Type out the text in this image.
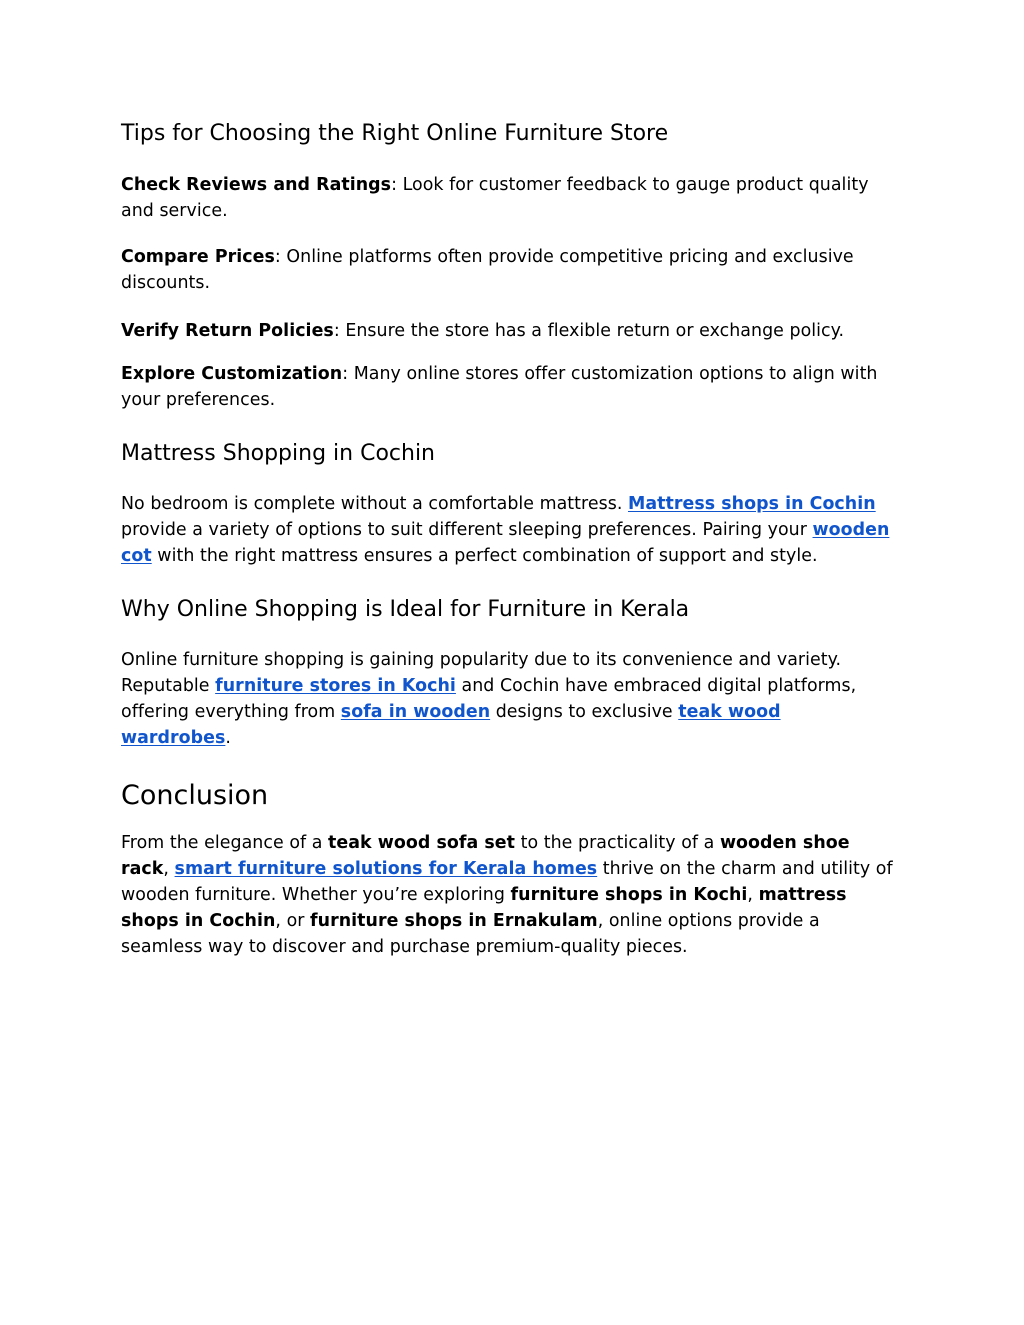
Tips for Choosing the Right Online Furniture Store

Check Reviews and Ratings: Look for customer feedback to gauge product quality and service.

Compare Prices: Online platforms often provide competitive pricing and exclusive discounts.

Verify Return Policies: Ensure the store has a flexible return or exchange policy.

Explore Customization: Many online stores offer customization options to align with your preferences.

Mattress Shopping in Cochin

No bedroom is complete without a comfortable mattress. Mattress shops in Cochin provide a variety of options to suit different sleeping preferences. Pairing your wooden cot with the right mattress ensures a perfect combination of support and style.

Why Online Shopping is Ideal for Furniture in Kerala

Online furniture shopping is gaining popularity due to its convenience and variety. Reputable furniture stores in Kochi and Cochin have embraced digital platforms, offering everything from sofa in wooden designs to exclusive teak wood wardrobes.

Conclusion

From the elegance of a teak wood sofa set to the practicality of a wooden shoe rack, smart furniture solutions for Kerala homes thrive on the charm and utility of wooden furniture. Whether you’re exploring furniture shops in Kochi, mattress shops in Cochin, or furniture shops in Ernakulam, online options provide a seamless way to discover and purchase premium-quality pieces.
